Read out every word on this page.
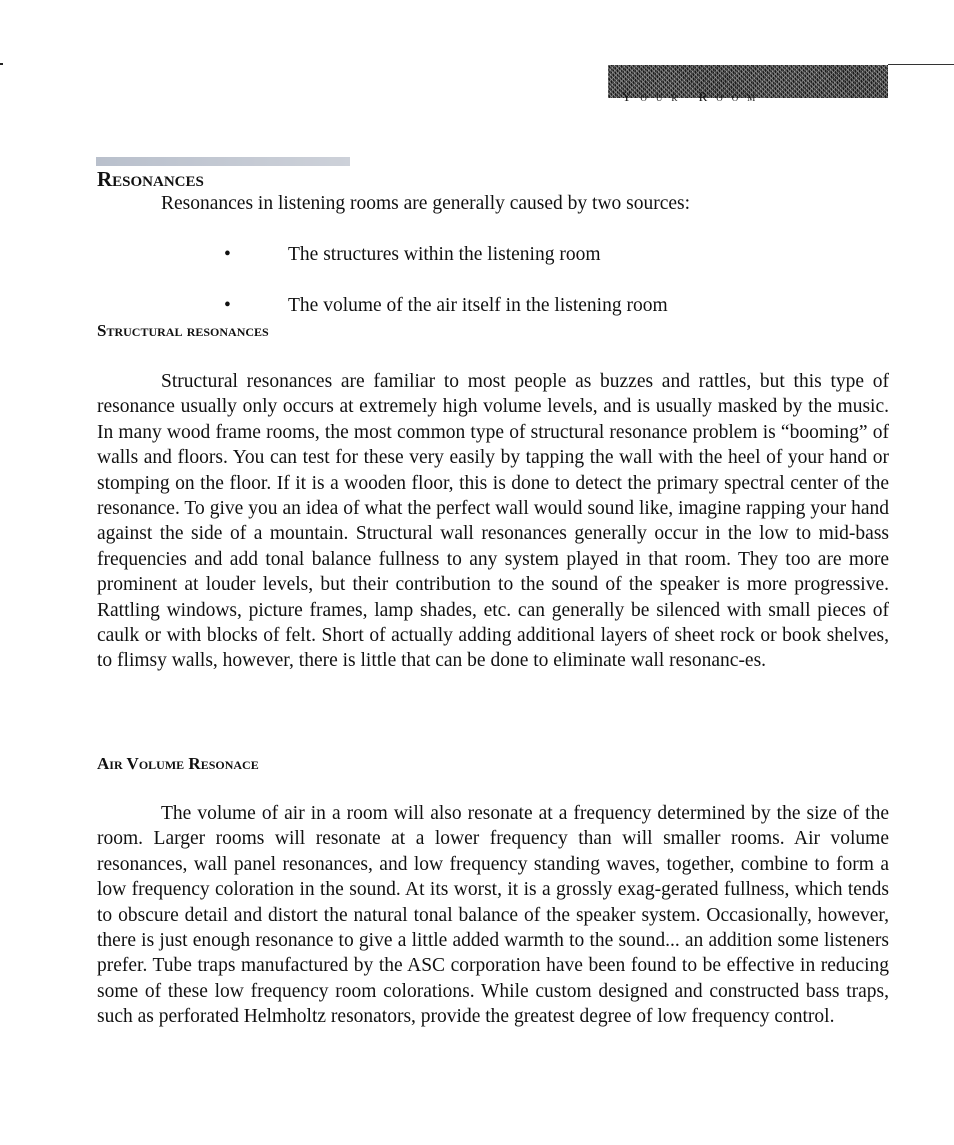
Your Room
Resonances
Resonances in listening rooms are generally caused by two sources:
•	The structures within the listening room
•	The volume of the air itself in the listening room
Structural resonances

Structural resonances are familiar to most people as buzzes and rattles, but this type of resonance usually only occurs at extremely high volume levels, and is usually masked by the music. In many wood frame rooms, the most common type of structural resonance problem is “booming” of walls and floors. You can test for these very easily by tapping the wall with the heel of your hand or stomping on the floor. If it is a wooden floor, this is done to detect the primary spectral center of the resonance. To give you an idea of what the perfect wall would sound like, imagine rapping your hand against the side of a mountain. Structural wall resonances generally occur in the low to mid-bass frequencies and add tonal balance fullness to any system played in that room. They too are more prominent at louder levels, but their contribution to the sound of the speaker is more progressive. Rattling windows, picture frames, lamp shades, etc. can generally be silenced with small pieces of caulk or with blocks of felt. Short of actually adding additional layers of sheet rock or book shelves, to flimsy walls, however, there is little that can be done to eliminate wall resonanc-es.

Air Volume Resonace

The volume of air in a room will also resonate at a frequency determined by the size of the room. Larger rooms will resonate at a lower frequency than will smaller rooms. Air volume resonances, wall panel resonances, and low frequency standing waves, together, combine to form a low frequency coloration in the sound. At its worst, it is a grossly exag-gerated fullness, which tends to obscure detail and distort the natural tonal balance of the speaker system. Occasionally, however, there is just enough resonance to give a little added warmth to the sound... an addition some listeners prefer. Tube traps manufactured by the ASC corporation have been found to be effective in reducing some of these low frequency room colorations. While custom designed and constructed bass traps, such as perforated Helmholtz resonators, provide the greatest degree of low frequency control.
